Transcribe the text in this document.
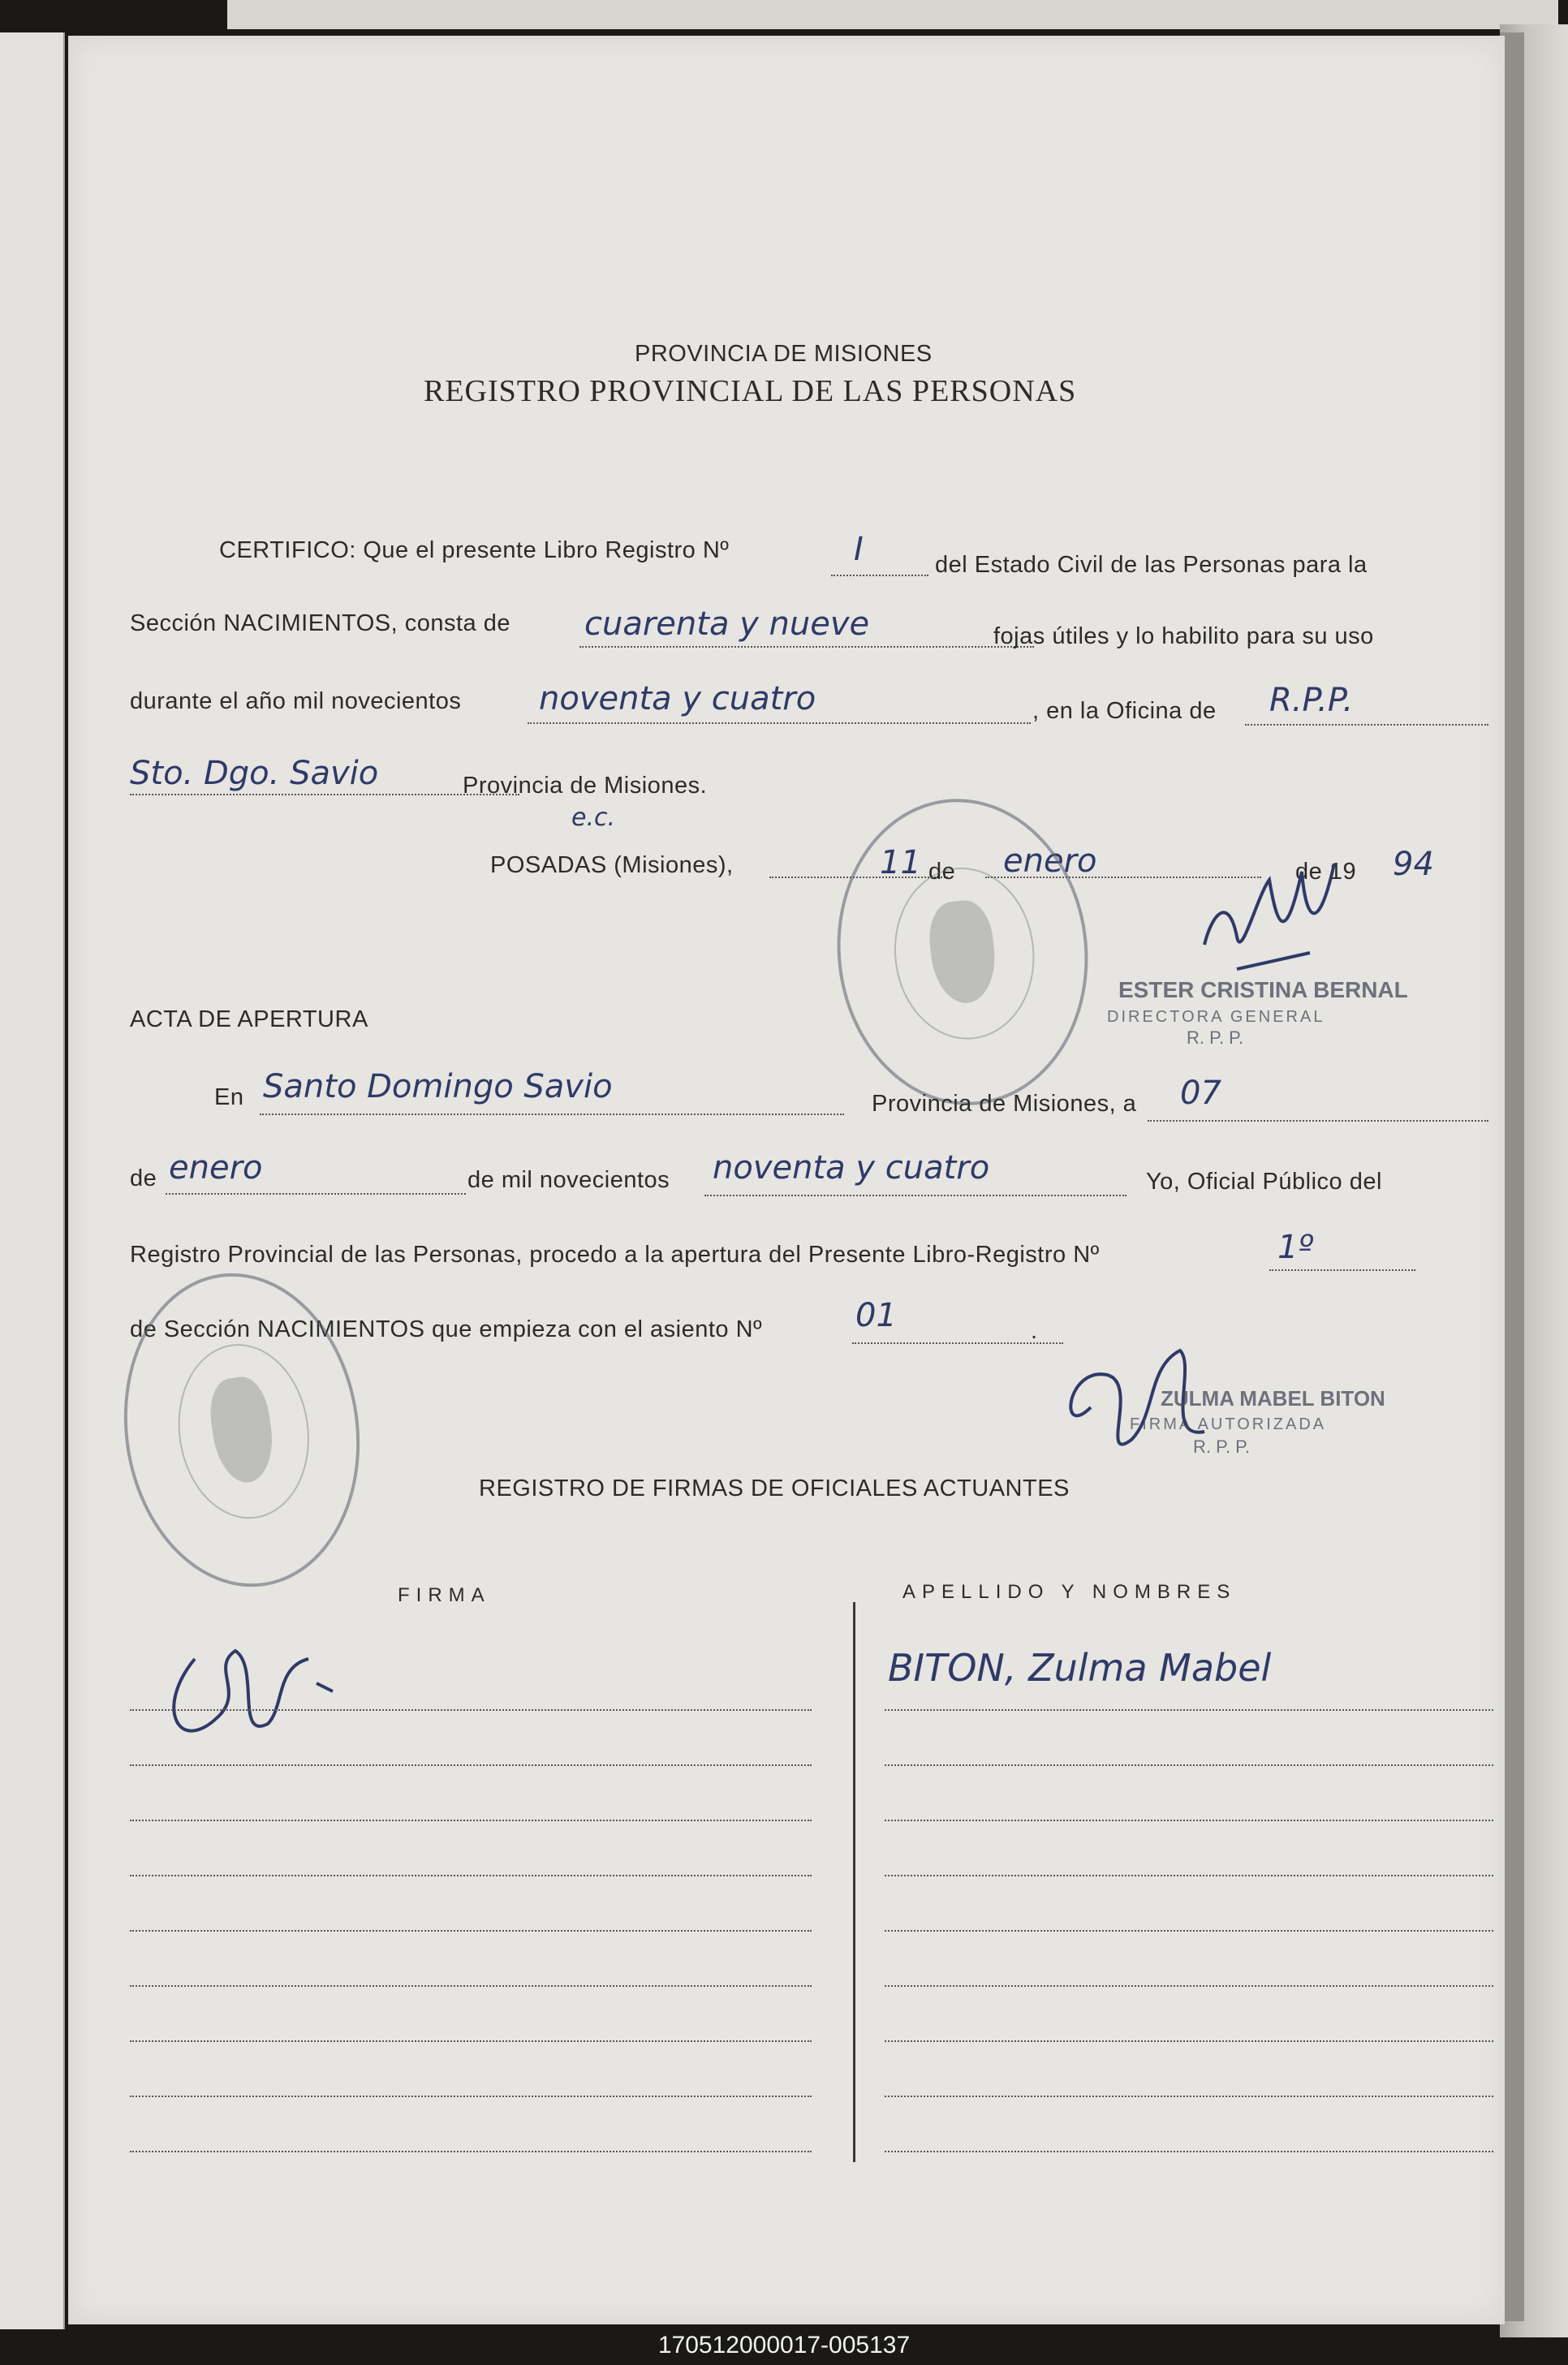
PROVINCIA DE MISIONES
REGISTRO PROVINCIAL DE LAS PERSONAS
CERTIFICO: Que el presente Libro Registro Nº	I	del Estado Civil de las Personas para la
Sección NACIMIENTOS, consta de cuarenta y nueve	fojas útiles y lo habilito para su uso
durante el año mil novecientos noventa y cuatro	, en la Oficina de R.P.P.
Sto. Dgo. Savio	Provincia de Misiones.
e.c.
POSADAS (Misiones),	11 de enero	de 19 94
ESTER CRISTINA BERNAL
DIRECTORA GENERAL
R. P. P.
ACTA DE APERTURA
En Santo Domingo Savio	Provincia de Misiones, a 07
de enero	de mil novecientos noventa y cuatro	Yo, Oficial Público del
Registro Provincial de las Personas, procedo a la apertura del Presente Libro-Registro Nº	1º
de Sección NACIMIENTOS que empieza con el asiento Nº	01	.
ZULMA MABEL BITON
FIRMA AUTORIZADA
R. P. P.
REGISTRO DE FIRMAS DE OFICIALES ACTUANTES
FIRMA	APELLIDO Y NOMBRES
BITON, Zulma Mabel
170512000017-005137
